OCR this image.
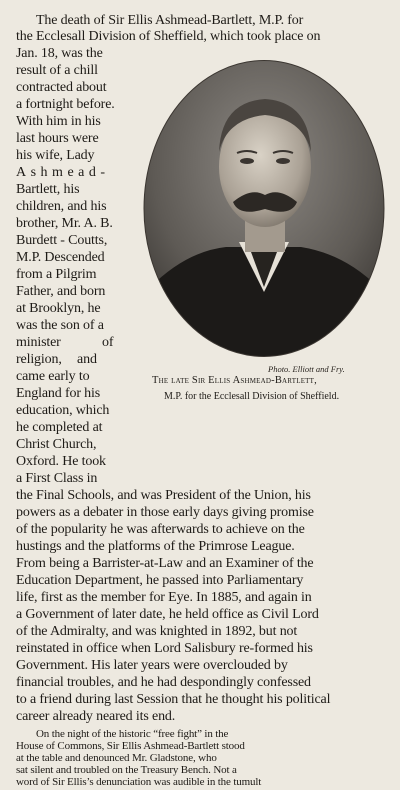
The death of Sir Ellis Ashmead-Bartlett, M.P. for
the Ecclesall Division of Sheffield, which took place on
Jan. 18, was the
result of a chill
contracted about
a fortnight before.
With him in his
last hours were
his wife, Lady
Ashmead-
Bartlett, his
children, and his
brother, Mr. A. B.
Burdett - Coutts,
M.P. Descended
from a Pilgrim
Father, and born
at Brooklyn, he
was the son of a
minister of
religion, and
came early to
England for his
education, which
he completed at
Christ Church,
Oxford. He took
a First Class in
the Final Schools, and was President of the Union, his
powers as a debater in those early days giving promise
of the popularity he was afterwards to achieve on the
hustings and the platforms of the Primrose League.
From being a Barrister-at-Law and an Examiner of the
Education Department, he passed into Parliamentary
life, first as the member for Eye. In 1885, and again in
a Government of later date, he held office as Civil Lord
of the Admiralty, and was knighted in 1892, but not
reinstated in office when Lord Salisbury re-formed his
Government. His later years were overclouded by
financial troubles, and he had despondingly confessed
to a friend during last Session that he thought his political
career already neared its end.
On the night of the historic “free fight” in the
House of Commons, Sir Ellis Ashmead-Bartlett stood
at the table and denounced Mr. Gladstone, who
sat silent and troubled on the Treasury Bench. Not a
word of Sir Ellis’s denunciation was audible in the tumult
Photo. Elliott and Fry.
The late Sir Ellis Ashmead-Bartlett,
M.P. for the Ecclesall Division of Sheffield.
